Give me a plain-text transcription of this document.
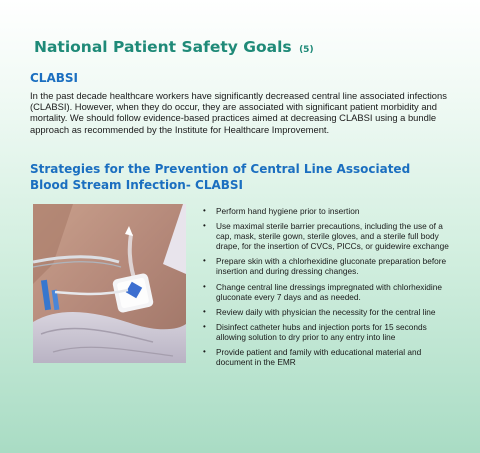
National Patient Safety Goals (5)
CLABSI
In the past decade healthcare workers have significantly decreased central line associated infections (CLABSI). However, when they do occur, they are associated with significant patient morbidity and mortality. We should follow evidence-based practices aimed at decreasing CLABSI using a bundle approach as recommended by the Institute for Healthcare Improvement.
Strategies for the Prevention of Central Line Associated Blood Stream Infection- CLABSI
• Perform hand hygiene prior to insertion
• Use maximal sterile barrier precautions, including the use of a cap, mask, sterile gown, sterile gloves, and a sterile full body drape, for the insertion of CVCs, PICCs, or guidewire exchange
• Prepare skin with a chlorhexidine gluconate preparation before insertion and during dressing changes.
• Change central line dressings impregnated with chlorhexidine gluconate every 7 days and as needed.
• Review daily with physician the necessity for the central line
• Disinfect catheter hubs and injection ports for 15 seconds allowing solution to dry prior to any entry into line
• Provide patient and family with educational material and document in the EMR
